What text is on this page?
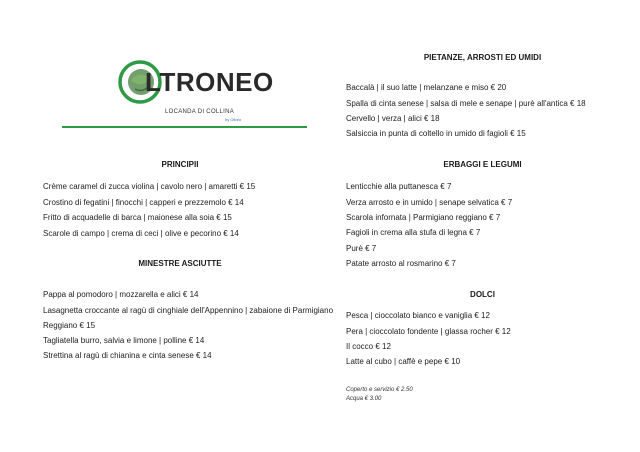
LTRONEO
LOCANDA DI COLLINA
by Oltreo
PRINCIPII
Crème caramel di zucca violina | cavolo nero | amaretti € 15
Crostino di fegatini | finocchi | capperi e prezzemolo € 14
Fritto di acquadelle di barca | maionese alla soia € 15
Scarole di campo | crema di ceci | olive e pecorino € 14
MINESTRE ASCIUTTE
Pappa al pomodoro | mozzarella e alici € 14
Lasagnetta croccante al ragù di cinghiale dell'Appennino | zabaione di Parmigiano
Reggiano € 15
Tagliatella burro, salvia e limone | polline € 14
Strettina al ragù di chianina e cinta senese € 14
PIETANZE, ARROSTI ED UMIDI
Baccalà | il suo latte | melanzane e miso € 20
Spalla di cinta senese | salsa di mele e senape | purè all'antica € 18
Cervello | verza | alici € 18
Salsiccia in punta di coltello in umido di fagioli € 15
ERBAGGI E LEGUMI
Lenticchie alla puttanesca € 7
Verza arrosto e in umido | senape selvatica € 7
Scarola infornata | Parmigiano reggiano € 7
Fagioli in crema alla stufa di legna € 7
Purè € 7
Patate arrosto al rosmarino € 7
DOLCI
Pesca | cioccolato bianco e vaniglia € 12
Pera | cioccolato fondente | glassa rocher € 12
Il cocco € 12
Latte al cubo | caffè e pepe € 10
Coperto e servizio € 2.50
Acqua € 3.00
